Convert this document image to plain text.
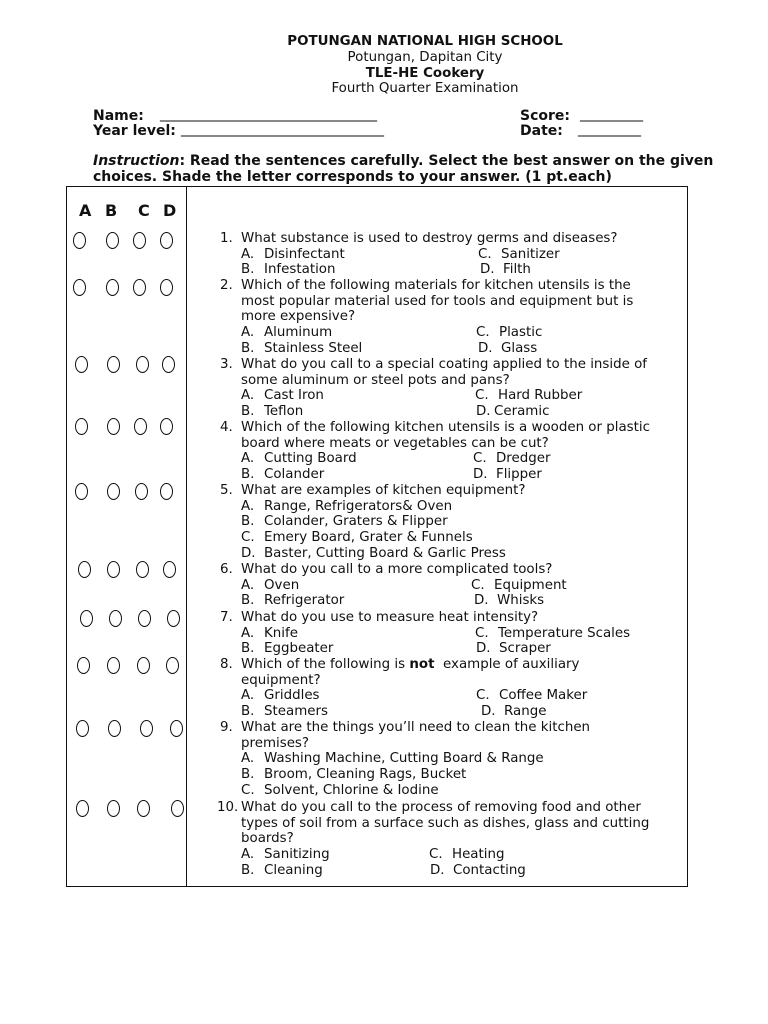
POTUNGAN NATIONAL HIGH SCHOOL
Potungan, Dapitan City
TLE-HE Cookery
Fourth Quarter Examination
Name: _______________________________	Score: _________
Year level: _____________________________	Date: _________
Instruction: Read the sentences carefully. Select the best answer on the given
choices. Shade the letter corresponds to your answer. (1 pt.each)
A B C D
1. What substance is used to destroy germs and diseases?
A. Disinfectant	C. Sanitizer
B. Infestation	D. Filth
2. Which of the following materials for kitchen utensils is the
most popular material used for tools and equipment but is
more expensive?
A. Aluminum	C. Plastic
B. Stainless Steel	D. Glass
3. What do you call to a special coating applied to the inside of
some aluminum or steel pots and pans?
A. Cast Iron	C. Hard Rubber
B. Teflon	D. Ceramic
4. Which of the following kitchen utensils is a wooden or plastic
board where meats or vegetables can be cut?
A. Cutting Board	C. Dredger
B. Colander	D. Flipper
5. What are examples of kitchen equipment?
A. Range, Refrigerators& Oven
B. Colander, Graters & Flipper
C. Emery Board, Grater & Funnels
D. Baster, Cutting Board & Garlic Press
6. What do you call to a more complicated tools?
A. Oven	C. Equipment
B. Refrigerator	D. Whisks
7. What do you use to measure heat intensity?
A. Knife	C. Temperature Scales
B. Eggbeater	D. Scraper
8. Which of the following is not  example of auxiliary
equipment?
A. Griddles	C. Coffee Maker
B. Steamers	D. Range
9. What are the things you’ll need to clean the kitchen
premises?
A. Washing Machine, Cutting Board & Range
B. Broom, Cleaning Rags, Bucket
C. Solvent, Chlorine & Iodine
10. What do you call to the process of removing food and other
types of soil from a surface such as dishes, glass and cutting
boards?
A. Sanitizing	C. Heating
B. Cleaning	D. Contacting
